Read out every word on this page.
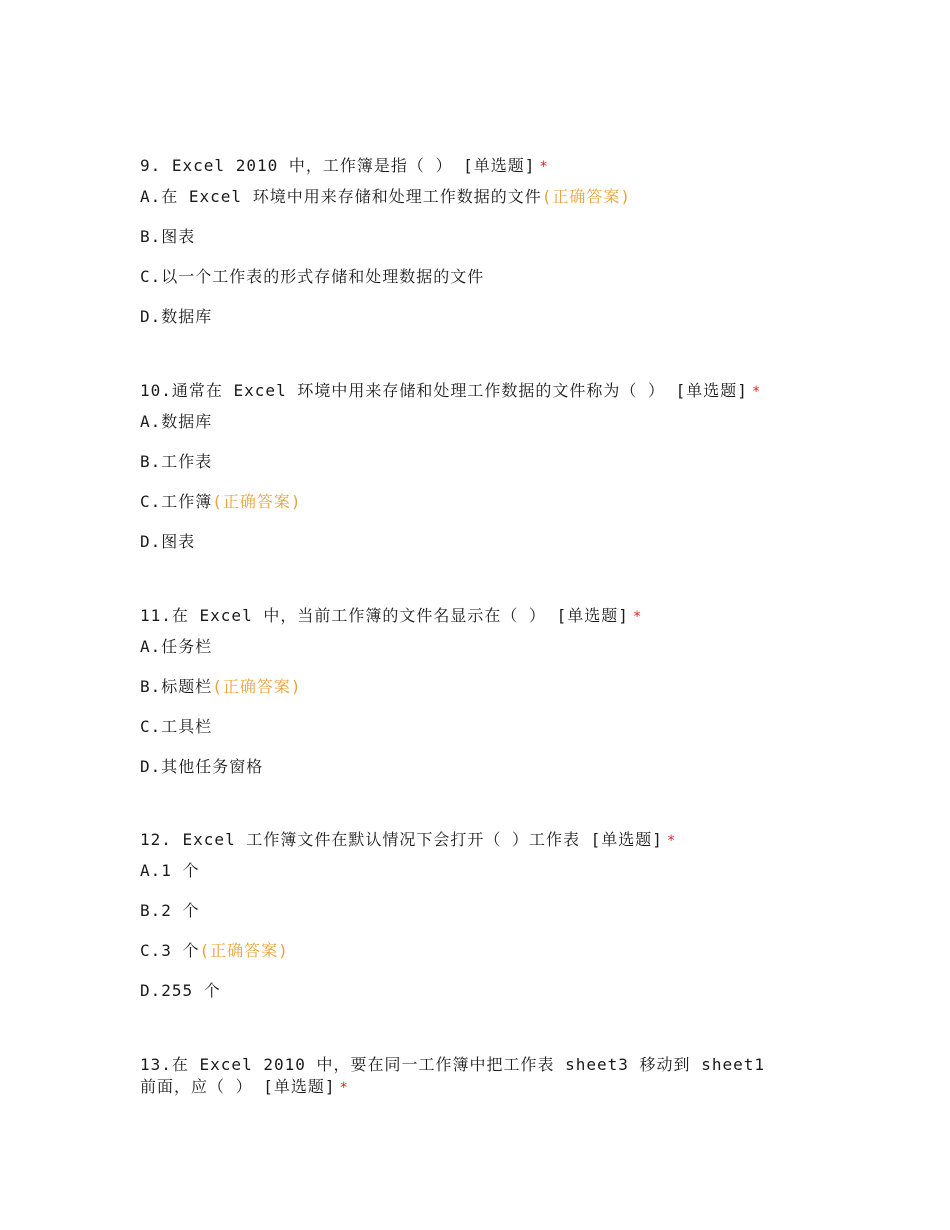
9. Excel 2010 中，工作簿是指（ ） [单选题] *

A.在 Excel 环境中用来存储和处理工作数据的文件(正确答案)
B.图表
C.以一个工作表的形式存储和处理数据的文件
D.数据库

10.通常在 Excel 环境中用来存储和处理工作数据的文件称为（ ） [单选题] *

A.数据库
B.工作表
C.工作簿(正确答案)
D.图表

11.在 Excel 中，当前工作簿的文件名显示在（ ） [单选题] *

A.任务栏
B.标题栏(正确答案)
C.工具栏
D.其他任务窗格

12. Excel 工作簿文件在默认情况下会打开（ ）工作表 [单选题] *

A.1 个
B.2 个
C.3 个(正确答案)
D.255 个

13.在 Excel 2010 中，要在同一工作簿中把工作表 sheet3 移动到 sheet1 前面，应（ ） [单选题] *
